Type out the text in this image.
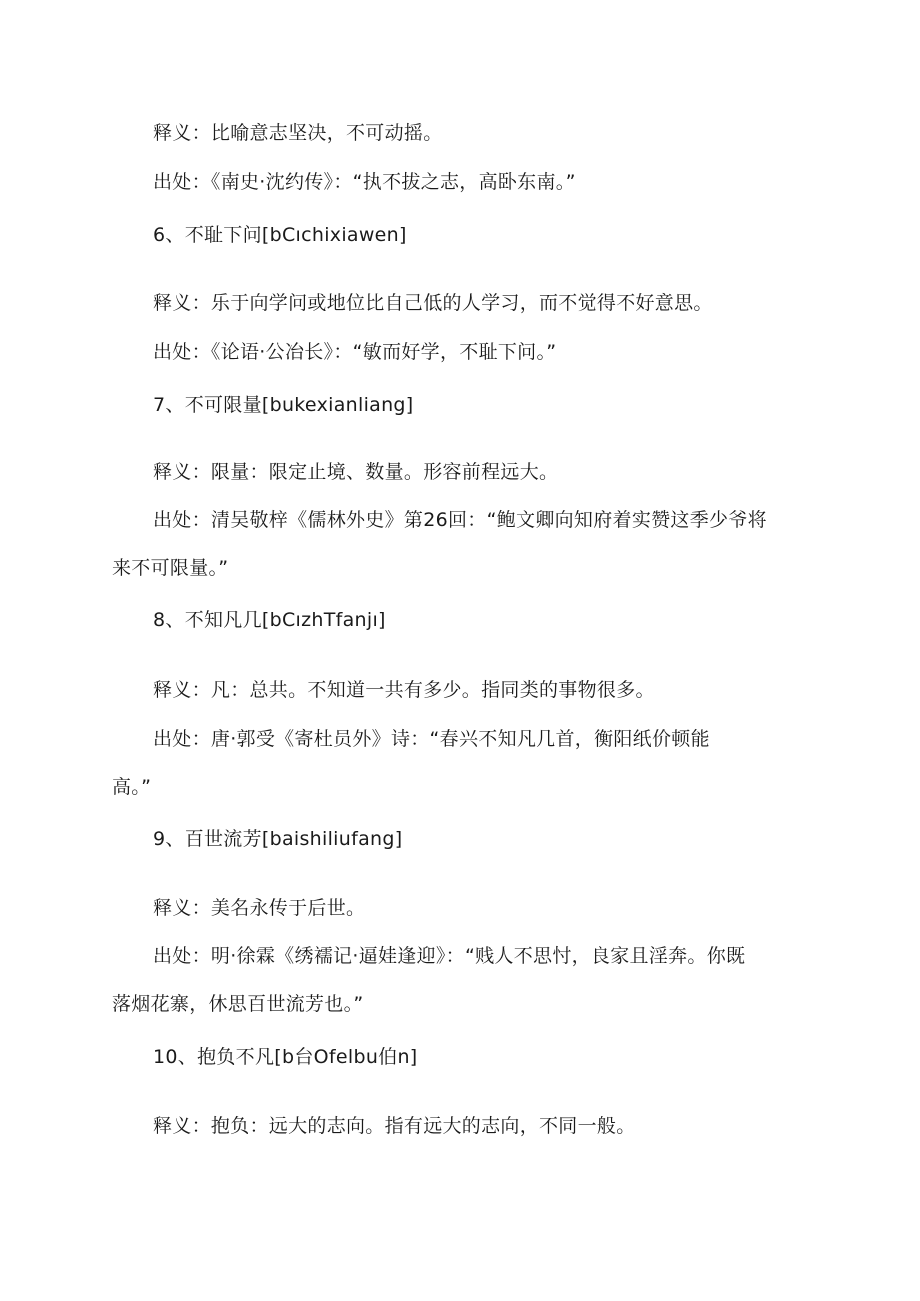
释义：比喻意志坚决，不可动摇。
出处：《南史·沈约传》：“执不拔之志，高卧东南。”
6、不耻下问[bCıchixiawen]
释义：乐于向学问或地位比自己低的人学习，而不觉得不好意思。
出处：《论语·公冶长》：“敏而好学，不耻下问。”
7、不可限量[bukexianliang]
释义：限量：限定止境、数量。形容前程远大。
出处：清吴敬梓《儒林外史》第26回：“鲍文卿向知府着实赞这季少爷将
来不可限量。”
8、不知凡几[bCızhTfanjı]
释义：凡：总共。不知道一共有多少。指同类的事物很多。
出处：唐·郭受《寄杜员外》诗：“春兴不知凡几首，衡阳纸价顿能
高。”
9、百世流芳[baishiliufang]
释义：美名永传于后世。
出处：明·徐霖《绣襦记·逼娃逢迎》：“贱人不思忖，良家且淫奔。你既
落烟花寨，休思百世流芳也。”
10、抱负不凡[b台Ofelbu伯n]
释义：抱负：远大的志向。指有远大的志向，不同一般。
